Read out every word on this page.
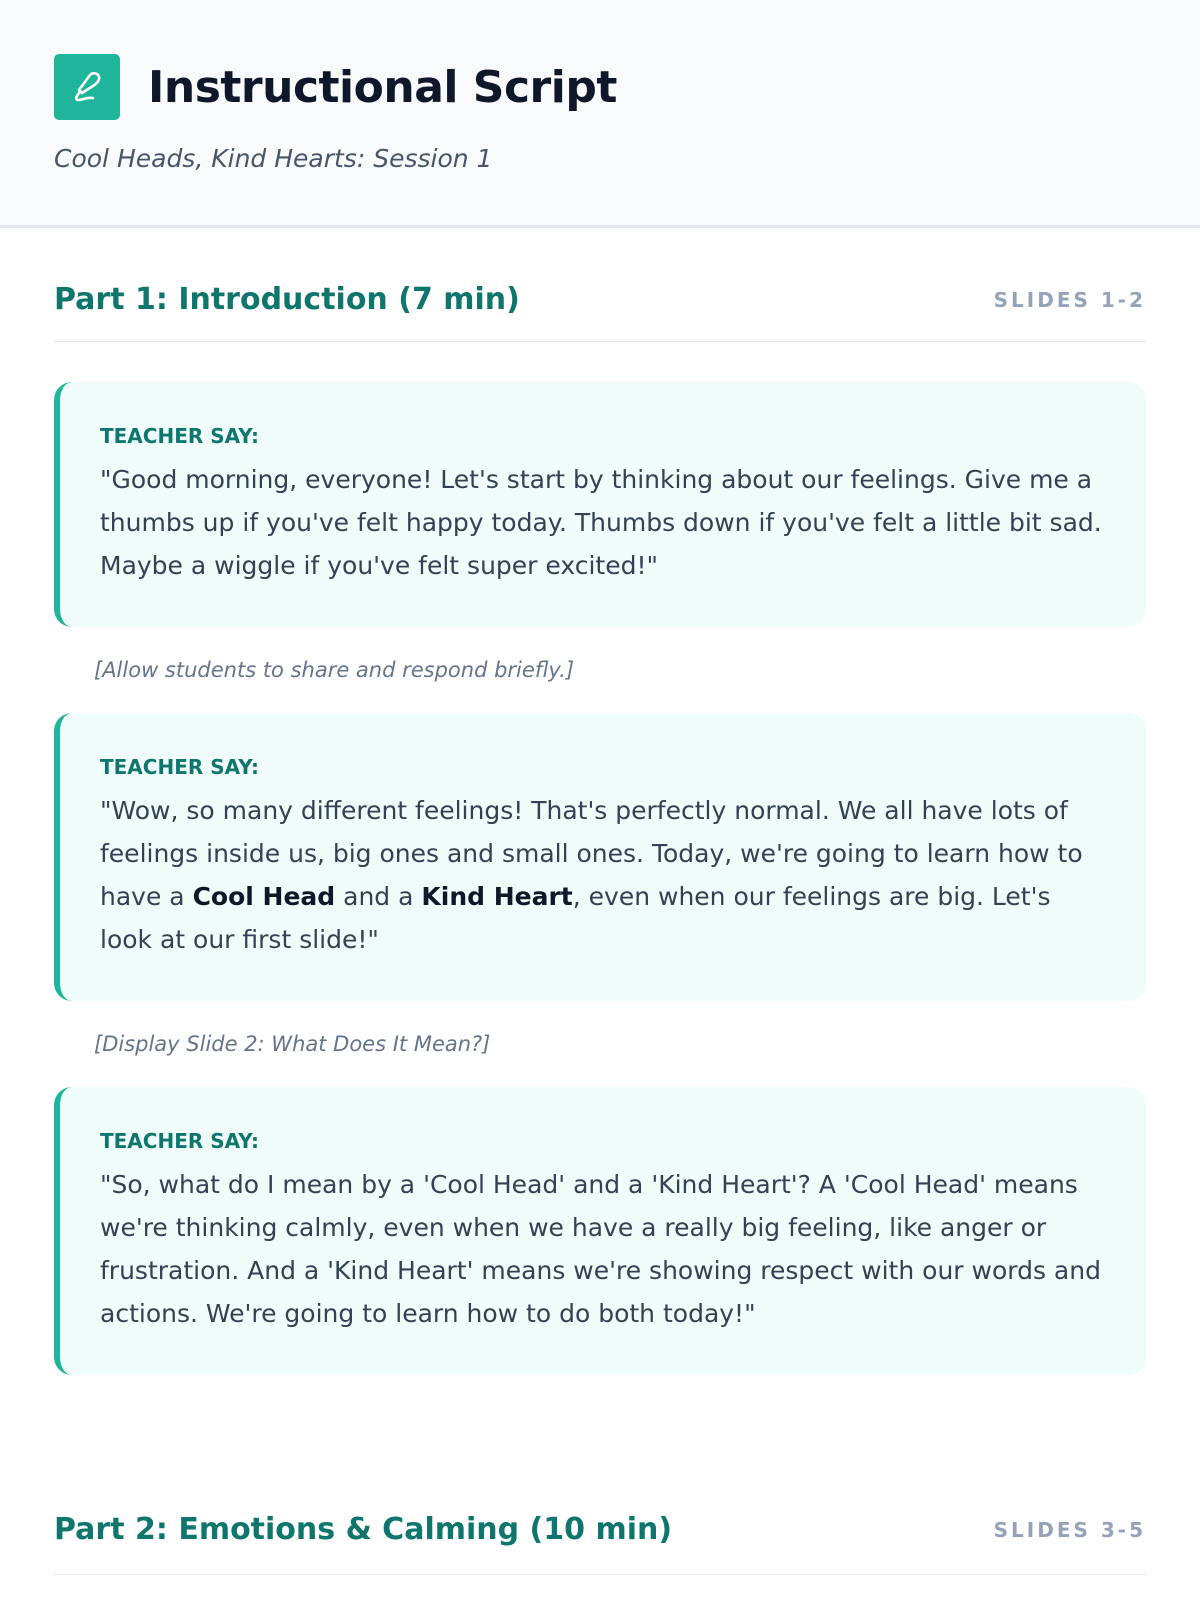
Instructional Script
Cool Heads, Kind Hearts: Session 1
Part 1: Introduction (7 min)	SLIDES 1-2
TEACHER SAY:
"Good morning, everyone! Let's start by thinking about our feelings. Give me a thumbs up if you've felt happy today. Thumbs down if you've felt a little bit sad. Maybe a wiggle if you've felt super excited!"
[Allow students to share and respond briefly.]
TEACHER SAY:
"Wow, so many different feelings! That's perfectly normal. We all have lots of feelings inside us, big ones and small ones. Today, we're going to learn how to have a Cool Head and a Kind Heart, even when our feelings are big. Let's look at our first slide!"
[Display Slide 2: What Does It Mean?]
TEACHER SAY:
"So, what do I mean by a 'Cool Head' and a 'Kind Heart'? A 'Cool Head' means we're thinking calmly, even when we have a really big feeling, like anger or frustration. And a 'Kind Heart' means we're showing respect with our words and actions. We're going to learn how to do both today!"
Part 2: Emotions & Calming (10 min)	SLIDES 3-5
